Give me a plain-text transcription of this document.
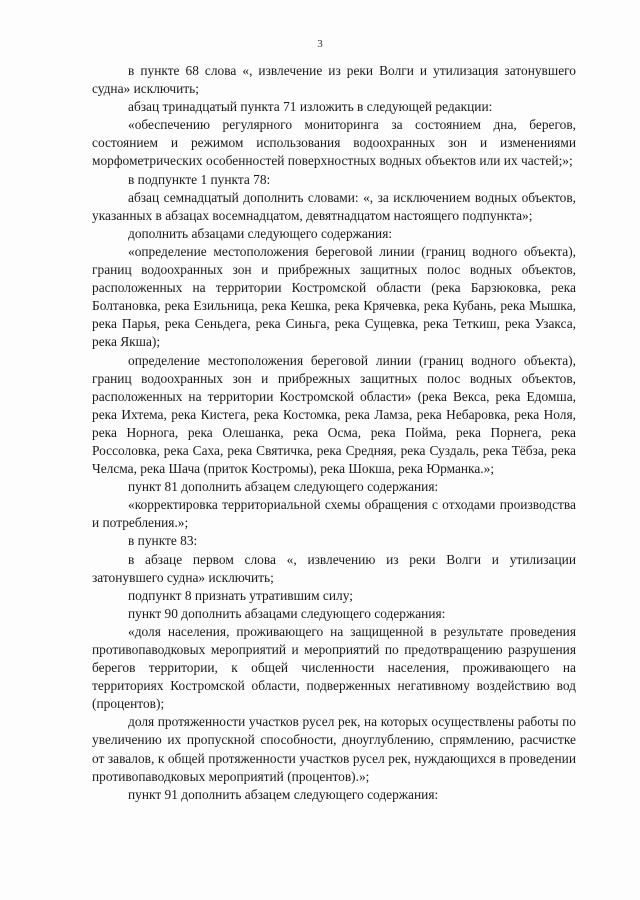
3

в пункте 68 слова «, извлечение из реки Волги и утилизация затонувшего судна» исключить;

абзац тринадцатый пункта 71 изложить в следующей редакции:

«обеспечению регулярного мониторинга за состоянием дна, берегов, состоянием и режимом использования водоохранных зон и изменениями морфометрических особенностей поверхностных водных объектов или их частей;»;

в подпункте 1 пункта 78:

абзац семнадцатый дополнить словами: «, за исключением водных объектов, указанных в абзацах восемнадцатом, девятнадцатом настоящего подпункта»;

дополнить абзацами следующего содержания:

«определение местоположения береговой линии (границ водного объекта), границ водоохранных зон и прибрежных защитных полос водных объектов, расположенных на территории Костромской области (река Барзюковка, река Болтановка, река Езильница, река Кешка, река Крячевка, река Кубань, река Мышка, река Парья, река Сеньдега, река Синьга, река Сущевка, река Теткиш, река Узакса, река Якша);

определение местоположения береговой линии (границ водного объекта), границ водоохранных зон и прибрежных защитных полос водных объектов, расположенных на территории Костромской области» (река Векса, река Едомша, река Ихтема, река Кистега, река Костомка, река Ламза, река Небаровка, река Ноля, река Норнога, река Олешанка, река Осма, река Пойма, река Порнега, река Россоловка, река Саха, река Святичка, река Средняя, река Суздаль, река Тёбза, река Челсма, река Шача (приток Костромы), река Шокша, река Юрманка.»;

пункт 81 дополнить абзацем следующего содержания:

«корректировка территориальной схемы обращения с отходами производства и потребления.»;

в пункте 83:

в абзаце первом слова «, извлечению из реки Волги и утилизации затонувшего судна» исключить;

подпункт 8 признать утратившим силу;

пункт 90 дополнить абзацами следующего содержания:

«доля населения, проживающего на защищенной в результате проведения противопаводковых мероприятий и мероприятий по предотвращению разрушения берегов территории, к общей численности населения, проживающего на территориях Костромской области, подверженных негативному воздействию вод (процентов);

доля протяженности участков русел рек, на которых осуществлены работы по увеличению их пропускной способности, дноуглублению, спрямлению, расчистке от завалов, к общей протяженности участков русел рек, нуждающихся в проведении противопаводковых мероприятий (процентов).»;

пункт 91 дополнить абзацем следующего содержания:
